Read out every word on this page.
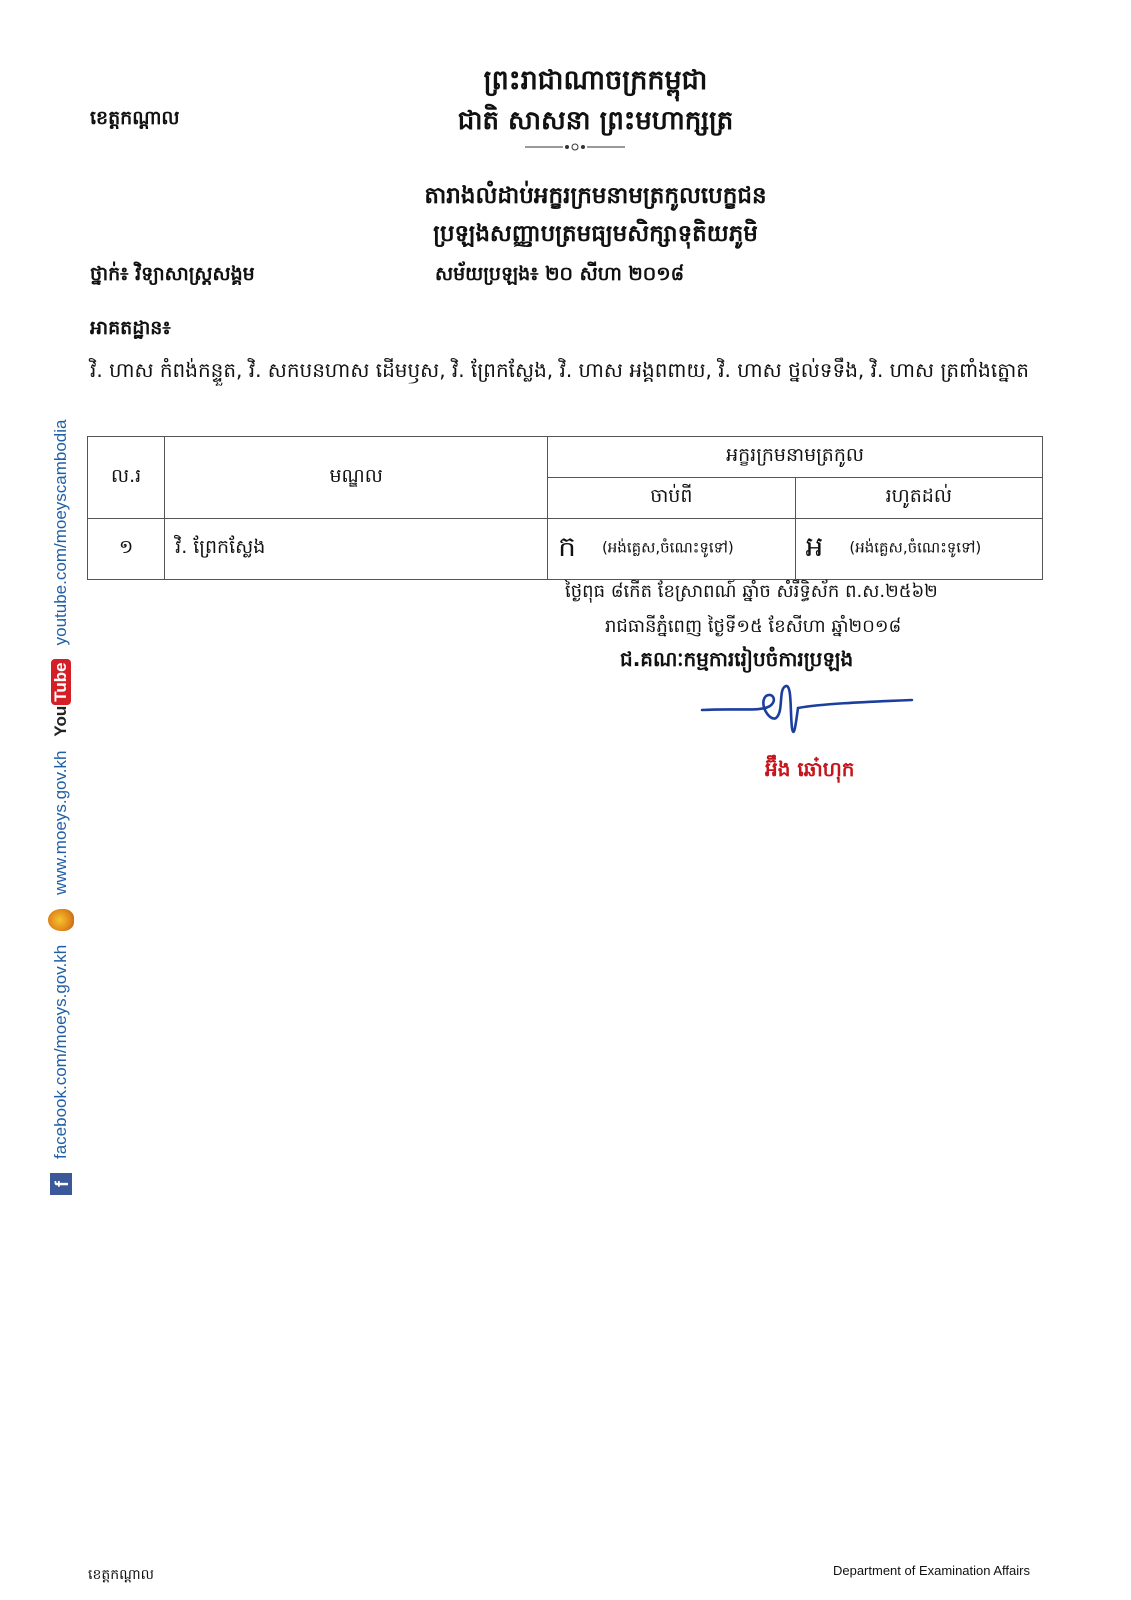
ខេត្តកណ្តាល
ព្រះរាជាណាចក្រកម្ពុជា
ជាតិ សាសនា ព្រះមហាក្សត្រ
តារាងលំដាប់អក្ខរក្រមនាមត្រកូលបេក្ខជន
ប្រឡងសញ្ញាបត្រមធ្យមសិក្សាទុតិយភូមិ
ថ្នាក់៖ វិទ្យាសាស្ត្រសង្គម	សម័យប្រឡង៖ ២០ សីហា ២០១៨
អាគតដ្ឋាន៖
វិ. ហាស កំពង់កន្ទួត, វិ. សកបនហាស ដើមឫស, វិ. ព្រែកស្លែង, វិ. ហាស អង្គពពាយ, វិ. ហាស ថ្នល់ទទឹង, វិ. ហាស ត្រពាំងត្នោត
ល.រ	មណ្ឌល	អក្ខរក្រមនាមត្រកូល	
		ចាប់ពី	រហូតដល់
១	វិ. ព្រែកស្លែង	ក (អង់គ្លេស,ចំណេះទូទៅ)	អ (អង់គ្លេស,ចំណេះទូទៅ)
ថ្ងៃពុធ ៨កើត ខែស្រាពណ៍ ឆ្នាំច សំរឹទ្ធិស័ក ព.ស.២៥៦២
រាជធានីភ្នំពេញ ថ្ងៃទី១៥ ខែសីហា ឆ្នាំ២០១៨
ជ.គណៈកម្មការរៀបចំការប្រឡង
អ៊ឹង ឆោ៎ហុក
f
facebook.com/moeys.gov.kh
www.moeys.gov.kh
You
Tube
youtube.com/moeyscambodia
ខេត្តកណ្តាល	Department of Examination Affairs
